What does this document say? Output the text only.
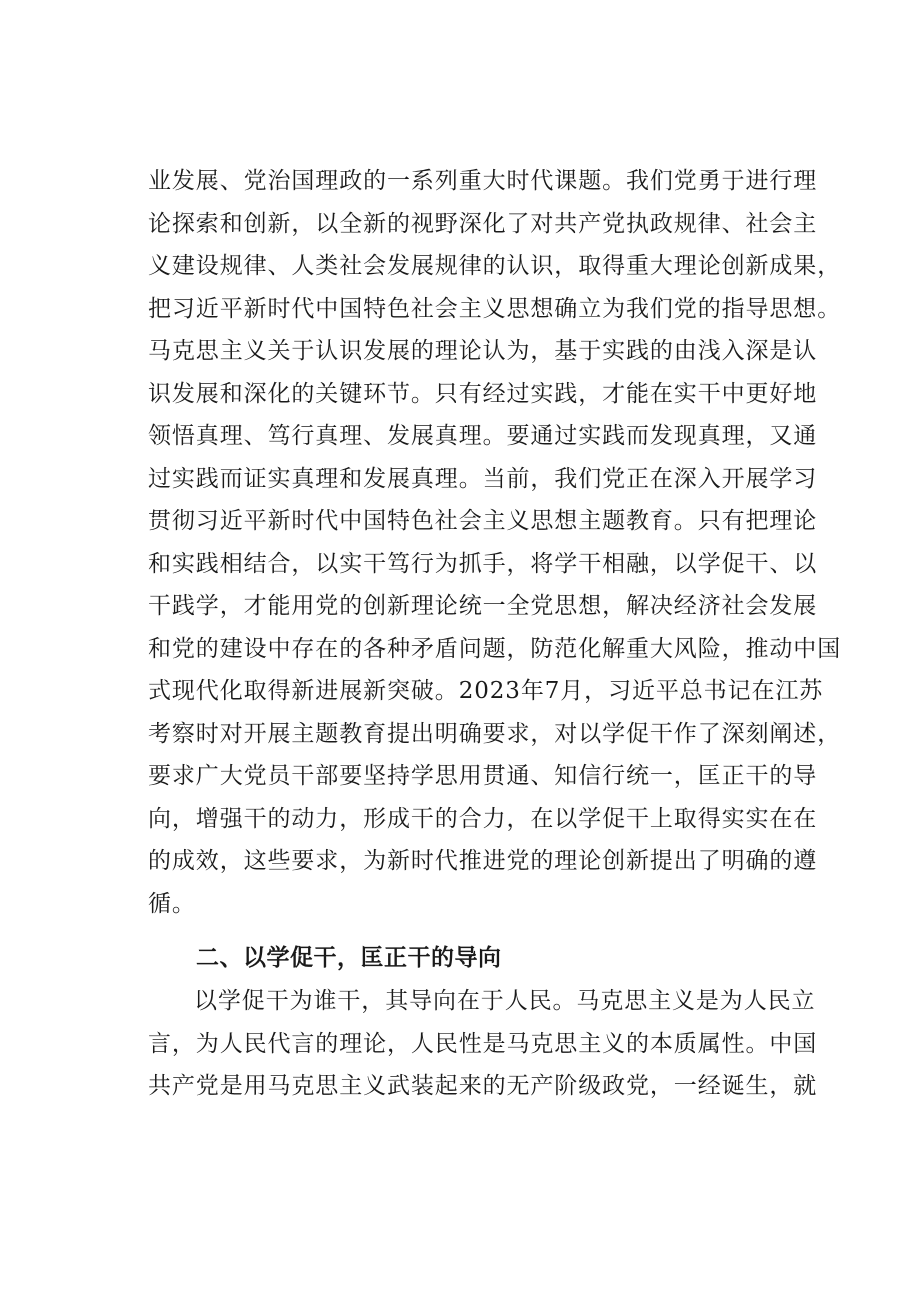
业发展、党治国理政的一系列重大时代课题。我们党勇于进行理
论探索和创新，以全新的视野深化了对共产党执政规律、社会主
义建设规律、人类社会发展规律的认识，取得重大理论创新成果，
把习近平新时代中国特色社会主义思想确立为我们党的指导思想。
马克思主义关于认识发展的理论认为，基于实践的由浅入深是认
识发展和深化的关键环节。只有经过实践，才能在实干中更好地
领悟真理、笃行真理、发展真理。要通过实践而发现真理，又通
过实践而证实真理和发展真理。当前，我们党正在深入开展学习
贯彻习近平新时代中国特色社会主义思想主题教育。只有把理论
和实践相结合，以实干笃行为抓手，将学干相融，以学促干、以
干践学，才能用党的创新理论统一全党思想，解决经济社会发展
和党的建设中存在的各种矛盾问题，防范化解重大风险，推动中国
式现代化取得新进展新突破。2023年7月，习近平总书记在江苏
考察时对开展主题教育提出明确要求，对以学促干作了深刻阐述，
要求广大党员干部要坚持学思用贯通、知信行统一，匡正干的导
向，增强干的动力，形成干的合力，在以学促干上取得实实在在
的成效，这些要求，为新时代推进党的理论创新提出了明确的遵
循。
二、以学促干，匡正干的导向
以学促干为谁干，其导向在于人民。马克思主义是为人民立
言，为人民代言的理论，人民性是马克思主义的本质属性。中国
共产党是用马克思主义武装起来的无产阶级政党，一经诞生，就
